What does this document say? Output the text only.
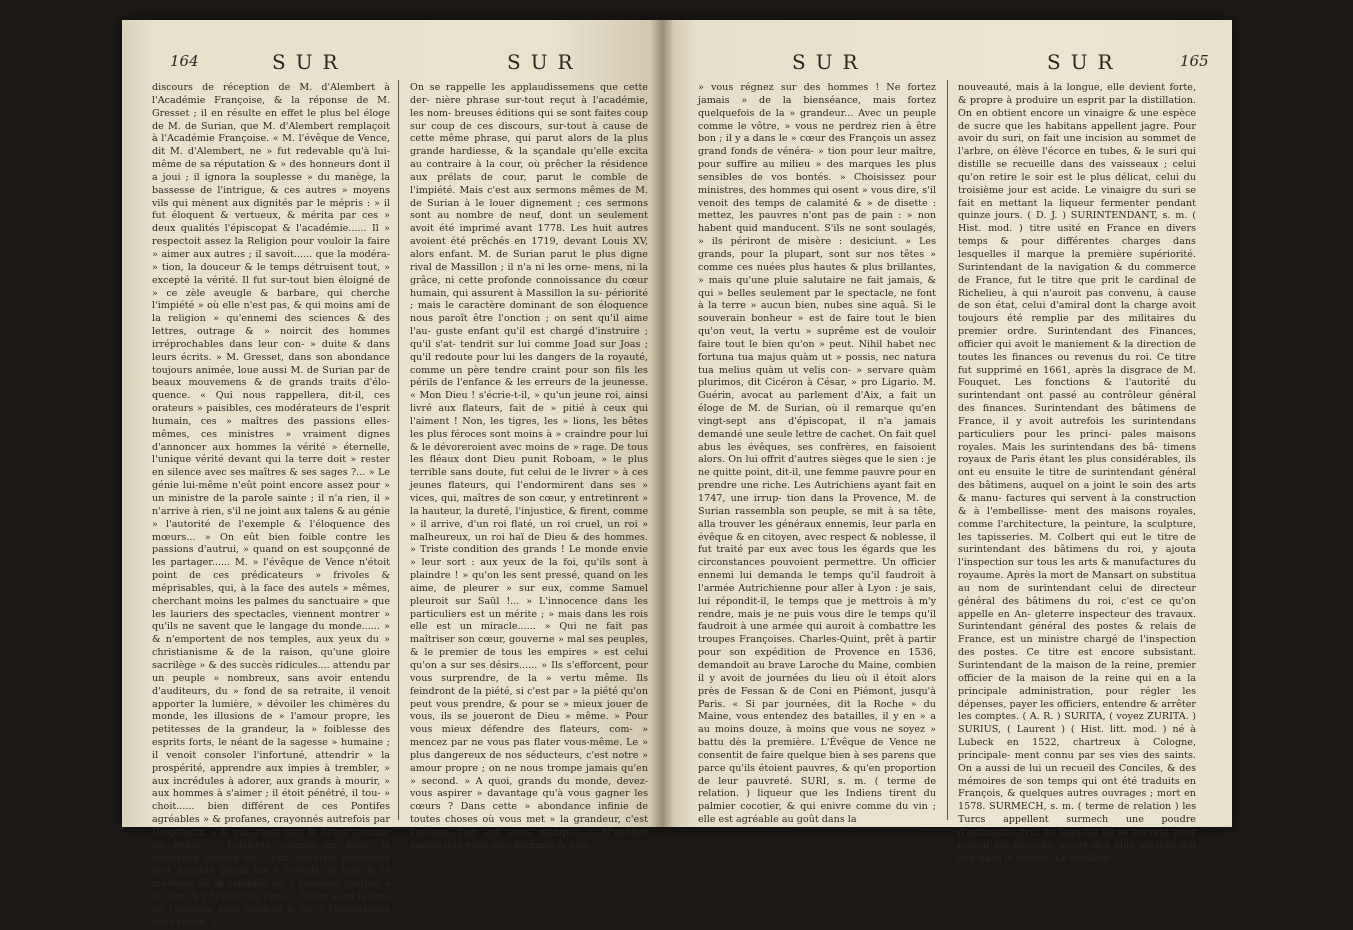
164	SUR	SUR

discours de réception de M. d'Alembert à l'Académie Françoise, & la réponse de M. Gresset ; il en résulte en effet le plus bel éloge de M. de Surian, que M. d'Alembert remplaçoit à l'Académie Françoise. « M. l'évêque de Vence, dit M. d'Alembert, ne » fut redevable qu'à lui-même de sa réputation & » des honneurs dont il a joui ; il ignora la souplesse » du manège, la bassesse de l'intrigue, & ces autres » moyens vils qui mènent aux dignités par le mépris : » il fut éloquent & vertueux, & mérita par ces » deux qualités l'épiscopat & l'académie...... Il » respectoit assez la Religion pour vouloir la faire » aimer aux autres ; il savoit...... que la modéra- » tion, la douceur & le temps détruisent tout, » excepté la vérité. Il fut sur-tout bien éloigné de » ce zèle aveugle & barbare, qui cherche l'impiété » où elle n'est pas, & qui moins ami de la religion » qu'ennemi des sciences & des lettres, outrage & » noircit des hommes irréprochables dans leur con- » duite & dans leurs écrits. » M. Gresset, dans son abondance toujours animée, loue aussi M. de Surian par de beaux mouvemens & de grands traits d'élo- quence. « Qui nous rappellera, dit-il, ces orateurs » paisibles, ces modérateurs de l'esprit humain, ces » maîtres des passions elles-mêmes, ces ministres » vraiment dignes d'annoncer aux hommes la vérité » éternelle, l'unique vérité devant qui la terre doit » rester en silence avec ses maîtres & ses sages ?... » Le génie lui-même n'eût point encore assez pour » un ministre de la parole sainte ; il n'a rien, il » n'arrive à rien, s'il ne joint aux talens & au génie » l'autorité de l'exemple & l'éloquence des mœurs... » On eût bien foible contre les passions d'autrui, » quand on est soupçonné de les partager...... M. » l'évêque de Vence n'étoit point de ces prédicateurs » frivoles & méprisables, qui, à la face des autels » mêmes, cherchant moins les palmes du sanctuaire » que les lauriers des spectacles, viennent montrer » qu'ils ne savent que le langage du monde...... » & n'emportent de nos temples, aux yeux du » christianisme & de la raison, qu'une gloire sacrilège » & des succès ridicules.... attendu par un peuple » nombreux, sans avoir entendu d'auditeurs, du » fond de sa retraite, il venoit apporter la lumière, » dévoiler les chimères du monde, les illusions de » l'amour propre, les petitesses de la grandeur, la » foiblesse des esprits forts, le néant de la sagesse » humaine ; il venoit consoler l'infortuné, attendrir » la prospérité, apprendre aux impies à trembler, » aux incrédules à adorer, aux grands à mourir, » aux hommes à s'aimer ; il étoit pénétré, il tou- » choit...... bien différent de ces Pontifes agréables » & profanes, crayonnés autrefois par Despréaux, » & qui, regardant le devoir comme un ennui, » l'oisiveté comme un droit, la résidence comme un » exil, venoient promener leur inutilité parmi les » écueils, le luxe & la mollesse de la capitale, ou » venoient ramper à la cour & y traîner de l'am- » bition sans talens, de l'intrigue sans affaires & de » l'importance sans crédit. »

On se rappelle les applaudissemens que cette der- nière phrase sur-tout reçut à l'académie, les nom- breuses éditions qui se sont faites coup sur coup de ces discours, sur-tout à cause de cette même phrase, qui parut alors de la plus grande hardiesse, & la sçandale qu'elle excita au contraire à la cour, où prêcher la résidence aux prélats de cour, parut le comble de l'impiété. Mais c'est aux sermons mêmes de M. de Surian à le louer dignement ; ces sermons sont au nombre de neuf, dont un seulement avoit été imprimé avant 1778. Les huit autres avoient été prêchés en 1719, devant Louis XV, alors enfant. M. de Surian parut le plus digne rival de Massillon ; il n'a ni les orne- mens, ni la grâce, ni cette profonde connoissance du cœur humain, qui assurent à Massillon la su- périorité ; mais le caractère dominant de son éloquence nous paroît être l'onction ; on sent qu'il aime l'au- guste enfant qu'il est chargé d'instruire ; qu'il s'at- tendrit sur lui comme Joad sur Joas ; qu'il redoute pour lui les dangers de la royauté, comme un père tendre craint pour son fils les périls de l'enfance & les erreurs de la jeunesse. « Mon Dieu ! s'écrie-t-il, » qu'un jeune roi, ainsi livré aux flateurs, fait de » pitié à ceux qui l'aiment ! Non, les tigres, les » lions, les bêtes les plus féroces sont moins à » craindre pour lui & le dévoreroient avec moins de » rage. De tous les fléaux dont Dieu punit Roboam, » le plus terrible sans doute, fut celui de le livrer » à ces jeunes flateurs, qui l'endormirent dans ses » vices, qui, maîtres de son cœur, y entretinrent » la hauteur, la dureté, l'injustice, & firent, comme » il arrive, d'un roi flaté, un roi cruel, un roi » malheureux, un roi haï de Dieu & des hommes. » Triste condition des grands ! Le monde envie » leur sort : aux yeux de la foi, qu'ils sont à plaindre ! » qu'on les sent pressé, quand on les aime, de pleurer » sur eux, comme Samuel pleuroit sur Saül !... » L'innocence dans les particuliers est un mérite ; » mais dans les rois elle est un miracle...... » Qui ne fait pas maîtriser son cœur, gouverne » mal ses peuples, & le premier de tous les empires » est celui qu'on a sur ses désirs...... » Ils s'efforcent, pour vous surprendre, de la » vertu même. Ils feindront de la piété, si c'est par » la piété qu'on peut vous prendre, & pour se » mieux jouer de vous, ils se joueront de Dieu » même. » Pour vous mieux défendre des flateurs, com- » mencez par ne vous pas flater vous-même. Le » plus dangereux de nos séducteurs, c'est notre » amour propre ; on ne nous trompe jamais qu'en » second. » A quoi, grands du monde, devez-vous aspirer » davantage qu'à vous gagner les cœurs ? Dans cette » abondance infinie de toutes choses où vous met » la grandeur, c'est l'unique bien qui vous manque. » N'oubliez jamais que vous êtes hommes & que

SUR	SUR	165

» vous régnez sur des hommes ! Ne fortez jamais » de la bienséance, mais fortez quelquefois de la » grandeur... Avec un peuple comme le vôtre, » vous ne perdrez rien à être bon ; il y a dans le » cœur des François un assez grand fonds de vénéra- » tion pour leur maître, pour suffire au milieu » des marques les plus sensibles de vos bontés. » Choisissez pour ministres, des hommes qui osent » vous dire, s'il venoit des temps de calamité & » de disette : mettez, les pauvres n'ont pas de pain : » non habent quid manducent. S'ils ne sont soulagés, » ils périront de misère : desiciunt. » Les grands, pour la plupart, sont sur nos têtes » comme ces nuées plus hautes & plus brillantes, » mais qu'une pluie salutaire ne fait jamais, & qui » belles seulement par le spectacle, ne font à la terre » aucun bien, nubes sine aquâ. Si le souverain bonheur » est de faire tout le bien qu'on veut, la vertu » suprême est de vouloir faire tout le bien qu'on » peut. Nihil habet nec fortuna tua majus quàm ut » possis, nec natura tua melius quàm ut velis con- » servare quàm plurimos, dit Cicéron à César, » pro Ligario. M. Guérin, avocat au parlement d'Aix, a fait un éloge de M. de Surian, où il remarque qu'en vingt-sept ans d'épiscopat, il n'a jamais demandé une seule lettre de cachet. On fait quel abus les évêques, ses confrères, en faisoient alors. On lui offrit d'autres sièges que le sien : je ne quitte point, dit-il, une femme pauvre pour en prendre une riche. Les Autrichiens ayant fait en 1747, une irrup- tion dans la Provence, M. de Surian rassembla son peuple, se mit à sa tête, alla trouver les généraux ennemis, leur parla en évêque & en citoyen, avec respect & noblesse, il fut traité par eux avec tous les égards que les circonstances pouvoient permettre. Un officier ennemi lui demanda le temps qu'il faudroit à l'armée Autrichienne pour aller à Lyon : je sais, lui répondit-il, le temps que je mettrois à m'y rendre, mais je ne puis vous dire le temps qu'il faudroit à une armée qui auroit à combattre les troupes Françoises. Charles-Quint, prêt à partir pour son expédition de Provence en 1536, demandoit au brave Laroche du Maine, combien il y avoit de journées du lieu où il étoit alors près de Fessan & de Coni en Piémont, jusqu'à Paris. « Si par journées, dit la Roche » du Maine, vous entendez des batailles, il y en » a au moins douze, à moins que vous ne soyez » battu dès la première. L'Évêque de Vence ne consentit de faire quelque bien à ses parens que parce qu'ils étoient pauvres, & qu'en proportion de leur pauvreté. SURI, s. m. ( terme de relation. ) liqueur que les Indiens tirent du palmier cocotier, & qui enivre comme du vin ; elle est agréable au goût dans la

nouveauté, mais à la longue, elle devient forte, & propre à produire un esprit par la distillation. On en obtient encore un vinaigre & une espèce de sucre que les habitans appellent jagre. Pour avoir du suri, on fait une incision au sommet de l'arbre, on élève l'écorce en tubes, & le suri qui distille se recueille dans des vaisseaux ; celui qu'on retire le soir est le plus délicat, celui du troisième jour est acide. Le vinaigre du suri se fait en mettant la liqueur fermenter pendant quinze jours. ( D. J. ) SURINTENDANT, s. m. ( Hist. mod. ) titre usité en France en divers temps & pour différentes charges dans lesquelles il marque la première supériorité. Surintendant de la navigation & du commerce de France, fut le titre que prit le cardinal de Richelieu, à qui n'auroit pas convenu, à cause de son état, celui d'amiral dont la charge avoit toujours été remplie par des militaires du premier ordre. Surintendant des Finances, officier qui avoit le maniement & la direction de toutes les finances ou revenus du roi. Ce titre fut supprimé en 1661, après la disgrace de M. Fouquet. Les fonctions & l'autorité du surintendant ont passé au contrôleur général des finances. Surintendant des bâtimens de France, il y avoit autrefois les surintendans particuliers pour les princi- pales maisons royales. Mais les surintendans des bâ- timens royaux de Paris étant les plus considérables, ils ont eu ensuite le titre de surintendant général des bâtimens, auquel on a joint le soin des arts & manu- factures qui servent à la construction & à l'embellisse- ment des maisons royales, comme l'architecture, la peinture, la sculpture, les tapisseries. M. Colbert qui eut le titre de surintendant des bâtimens du roi, y ajouta l'inspection sur tous les arts & manufactures du royaume. Après la mort de Mansart on substitua au nom de surintendant celui de directeur général des bâtimens du roi, c'est ce qu'on appelle en An- gleterre inspecteur des travaux. Surintendant général des postes & relais de France, est un ministre chargé de l'inspection des postes. Ce titre est encore subsistant. Surintendant de la maison de la reine, premier officier de la maison de la reine qui en a la principale administration, pour régler les dépenses, payer les officiers, entendre & arrêter les comptes. ( A. R. ) SURITA, ( voyez ZURITA. ) SURIUS, ( Laurent ) ( Hist. litt. mod. ) né à Lubeck en 1522, chartreux à Cologne, principale- ment connu par ses vies des saints. On a aussi de lui un recueil des Conciles, & des mémoires de son temps qui ont été traduits en François, & quelques autres ouvrages ; mort en 1578. SURMECH, s. m. ( terme de relation ) les Turcs appellent surmech une poudre d'antimoine cru, de laquelle ils se servent pour noircir les sourcils, usage des plus anciens qui soit dans le monde. Le meilleur
